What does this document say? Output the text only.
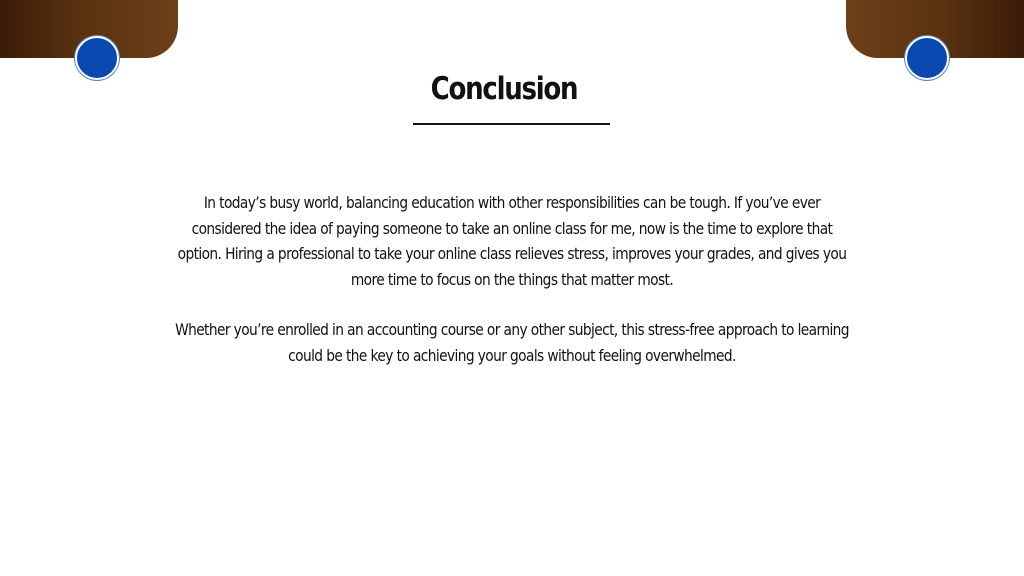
Conclusion

In today’s busy world, balancing education with other responsibilities can be tough. If you’ve ever considered the idea of paying someone to take an online class for me, now is the time to explore that option. Hiring a professional to take your online class relieves stress, improves your grades, and gives you more time to focus on the things that matter most.

Whether you’re enrolled in an accounting course or any other subject, this stress-free approach to learning could be the key to achieving your goals without feeling overwhelmed.
